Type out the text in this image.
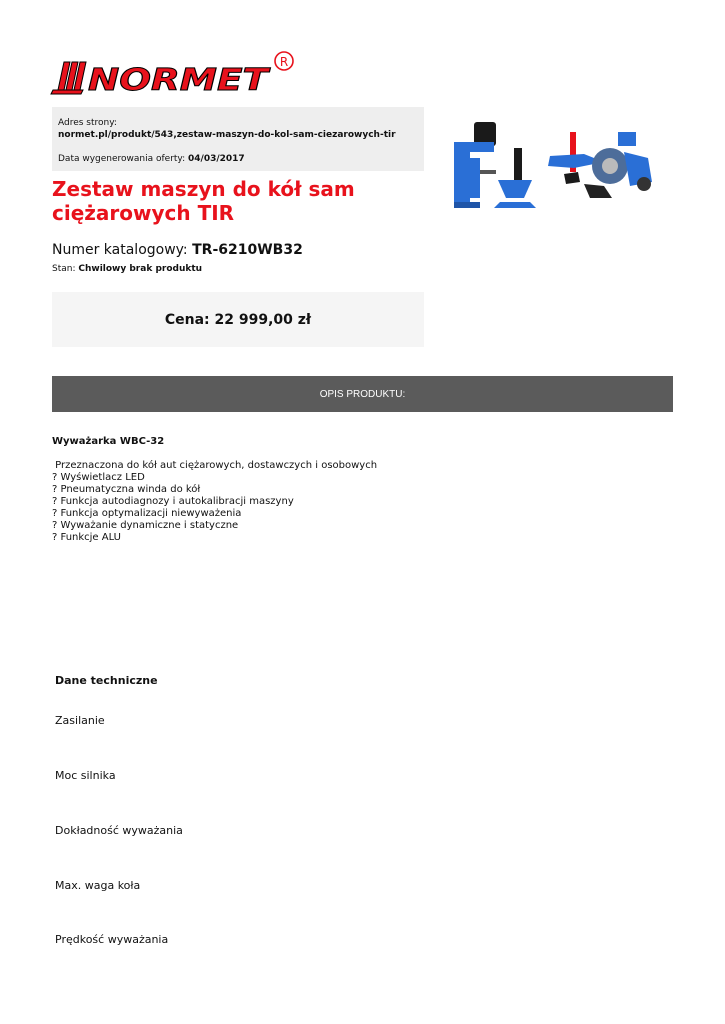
NORMET
R
Adres strony:
normet.pl/produkt/543,zestaw-maszyn-do-kol-sam-ciezarowych-tir
Data wygenerowania oferty: 04/03/2017
Zestaw maszyn do kół sam ciężarowych TIR
Numer katalogowy: TR-6210WB32
Stan: Chwilowy brak produktu
Cena: 22 999,00 zł
OPIS PRODUKTU:
Wyważarka WBC-32
Przeznaczona do kół aut ciężarowych, dostawczych i osobowych
? Wyświetlacz LED
? Pneumatyczna winda do kół
? Funkcja autodiagnozy i autokalibracji maszyny
? Funkcja optymalizacji niewyważenia
? Wyważanie dynamiczne i statyczne
? Funkcje ALU
Dane techniczne
Zasilanie
Moc silnika
Dokładność wyważania
Max. waga koła
Prędkość wyważania
